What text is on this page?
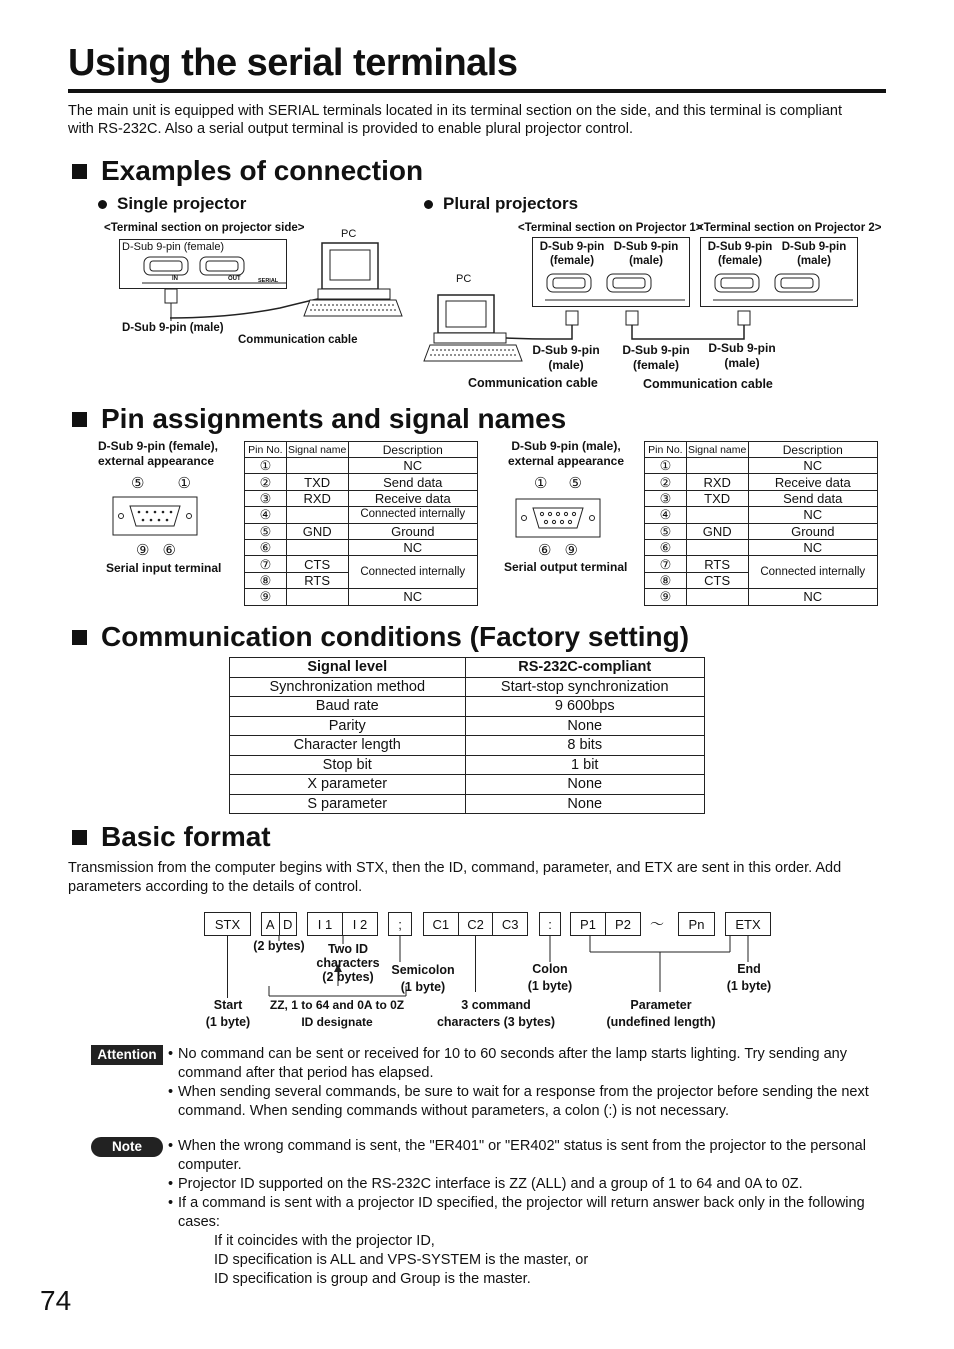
Using the serial terminals

The main unit is equipped with SERIAL terminals located in its terminal section on the side, and this terminal is compliant with RS-232C. Also a serial output terminal is provided to enable plural projector control.

Examples of connection
Single projector	Plural projectors
<Terminal section on projector side>
D-Sub 9-pin (female)
IN	OUT	SERIAL
D-Sub 9-pin (male)
Communication cable
PC	<Terminal section on Projector 1>
<Terminal section on Projector 2>
D-Sub 9-pin
(female)
D-Sub 9-pin
(male)
D-Sub 9-pin
(female)
D-Sub 9-pin
(male)
PC
D-Sub 9-pin
(male)
D-Sub 9-pin
(female)
D-Sub 9-pin
(male)
Communication cable	Communication cable
Pin assignments and signal names
D-Sub 9-pin (female),
external appearance
⑤ ①
⑨ ⑥
Serial input terminal
Pin No.	Signal name	Description
①		NC
②	TXD	Send data
③	RXD	Receive data
④		Connected internally
⑤	GND	Ground
⑥		NC
⑦	CTS	Connected internally
⑧	RTS	
⑨		NC
D-Sub 9-pin (male),
external appearance
① ⑤
⑥ ⑨
Serial output terminal
Pin No.	Signal name	Description
①		NC
②	RXD	Receive data
③	TXD	Send data
④		NC
⑤	GND	Ground
⑥		NC
⑦	RTS	Connected internally
⑧	CTS	
⑨		NC
Communication conditions (Factory setting)
Signal level	RS-232C-compliant
Synchronization method	Start-stop synchronization
Baud rate	9 600bps
Parity	None
Character length	8 bits
Stop bit	1 bit
X parameter	None
S parameter	None
Basic format

Transmission from the computer begins with STX, then the ID, command, parameter, and ETX are sent in this order. Add parameters according to the details of control.

STX	A D	I 1	I 2	;	C1	C2	C3	:	P1	P2	～	Pn	ETX
(2 bytes)	Two ID
characters
(2 bytes)	Semicolon
(1 byte)
Colon
(1 byte)
End
(1 byte)
Start
(1 byte)
ZZ, 1 to 64 and 0A to 0Z
ID designate
3 command
characters (3 bytes)
Parameter
(undefined length)
Attention • No command can be sent or received for 10 to 60 seconds after the lamp starts lighting. Try sending any command after that period has elapsed.
• When sending several commands, be sure to wait for a response from the projector before sending the next command. When sending commands without parameters, a colon (:) is not necessary.
Note	• When the wrong command is sent, the "ER401" or "ER402" status is sent from the projector to the personal computer.
• Projector ID supported on the RS-232C interface is ZZ (ALL) and a group of 1 to 64 and 0A to 0Z.
• If a command is sent with a projector ID specified, the projector will return answer back only in the following cases:
If it coincides with the projector ID,
ID specification is ALL and VPS-SYSTEM is the master, or
ID specification is group and Group is the master.
74
